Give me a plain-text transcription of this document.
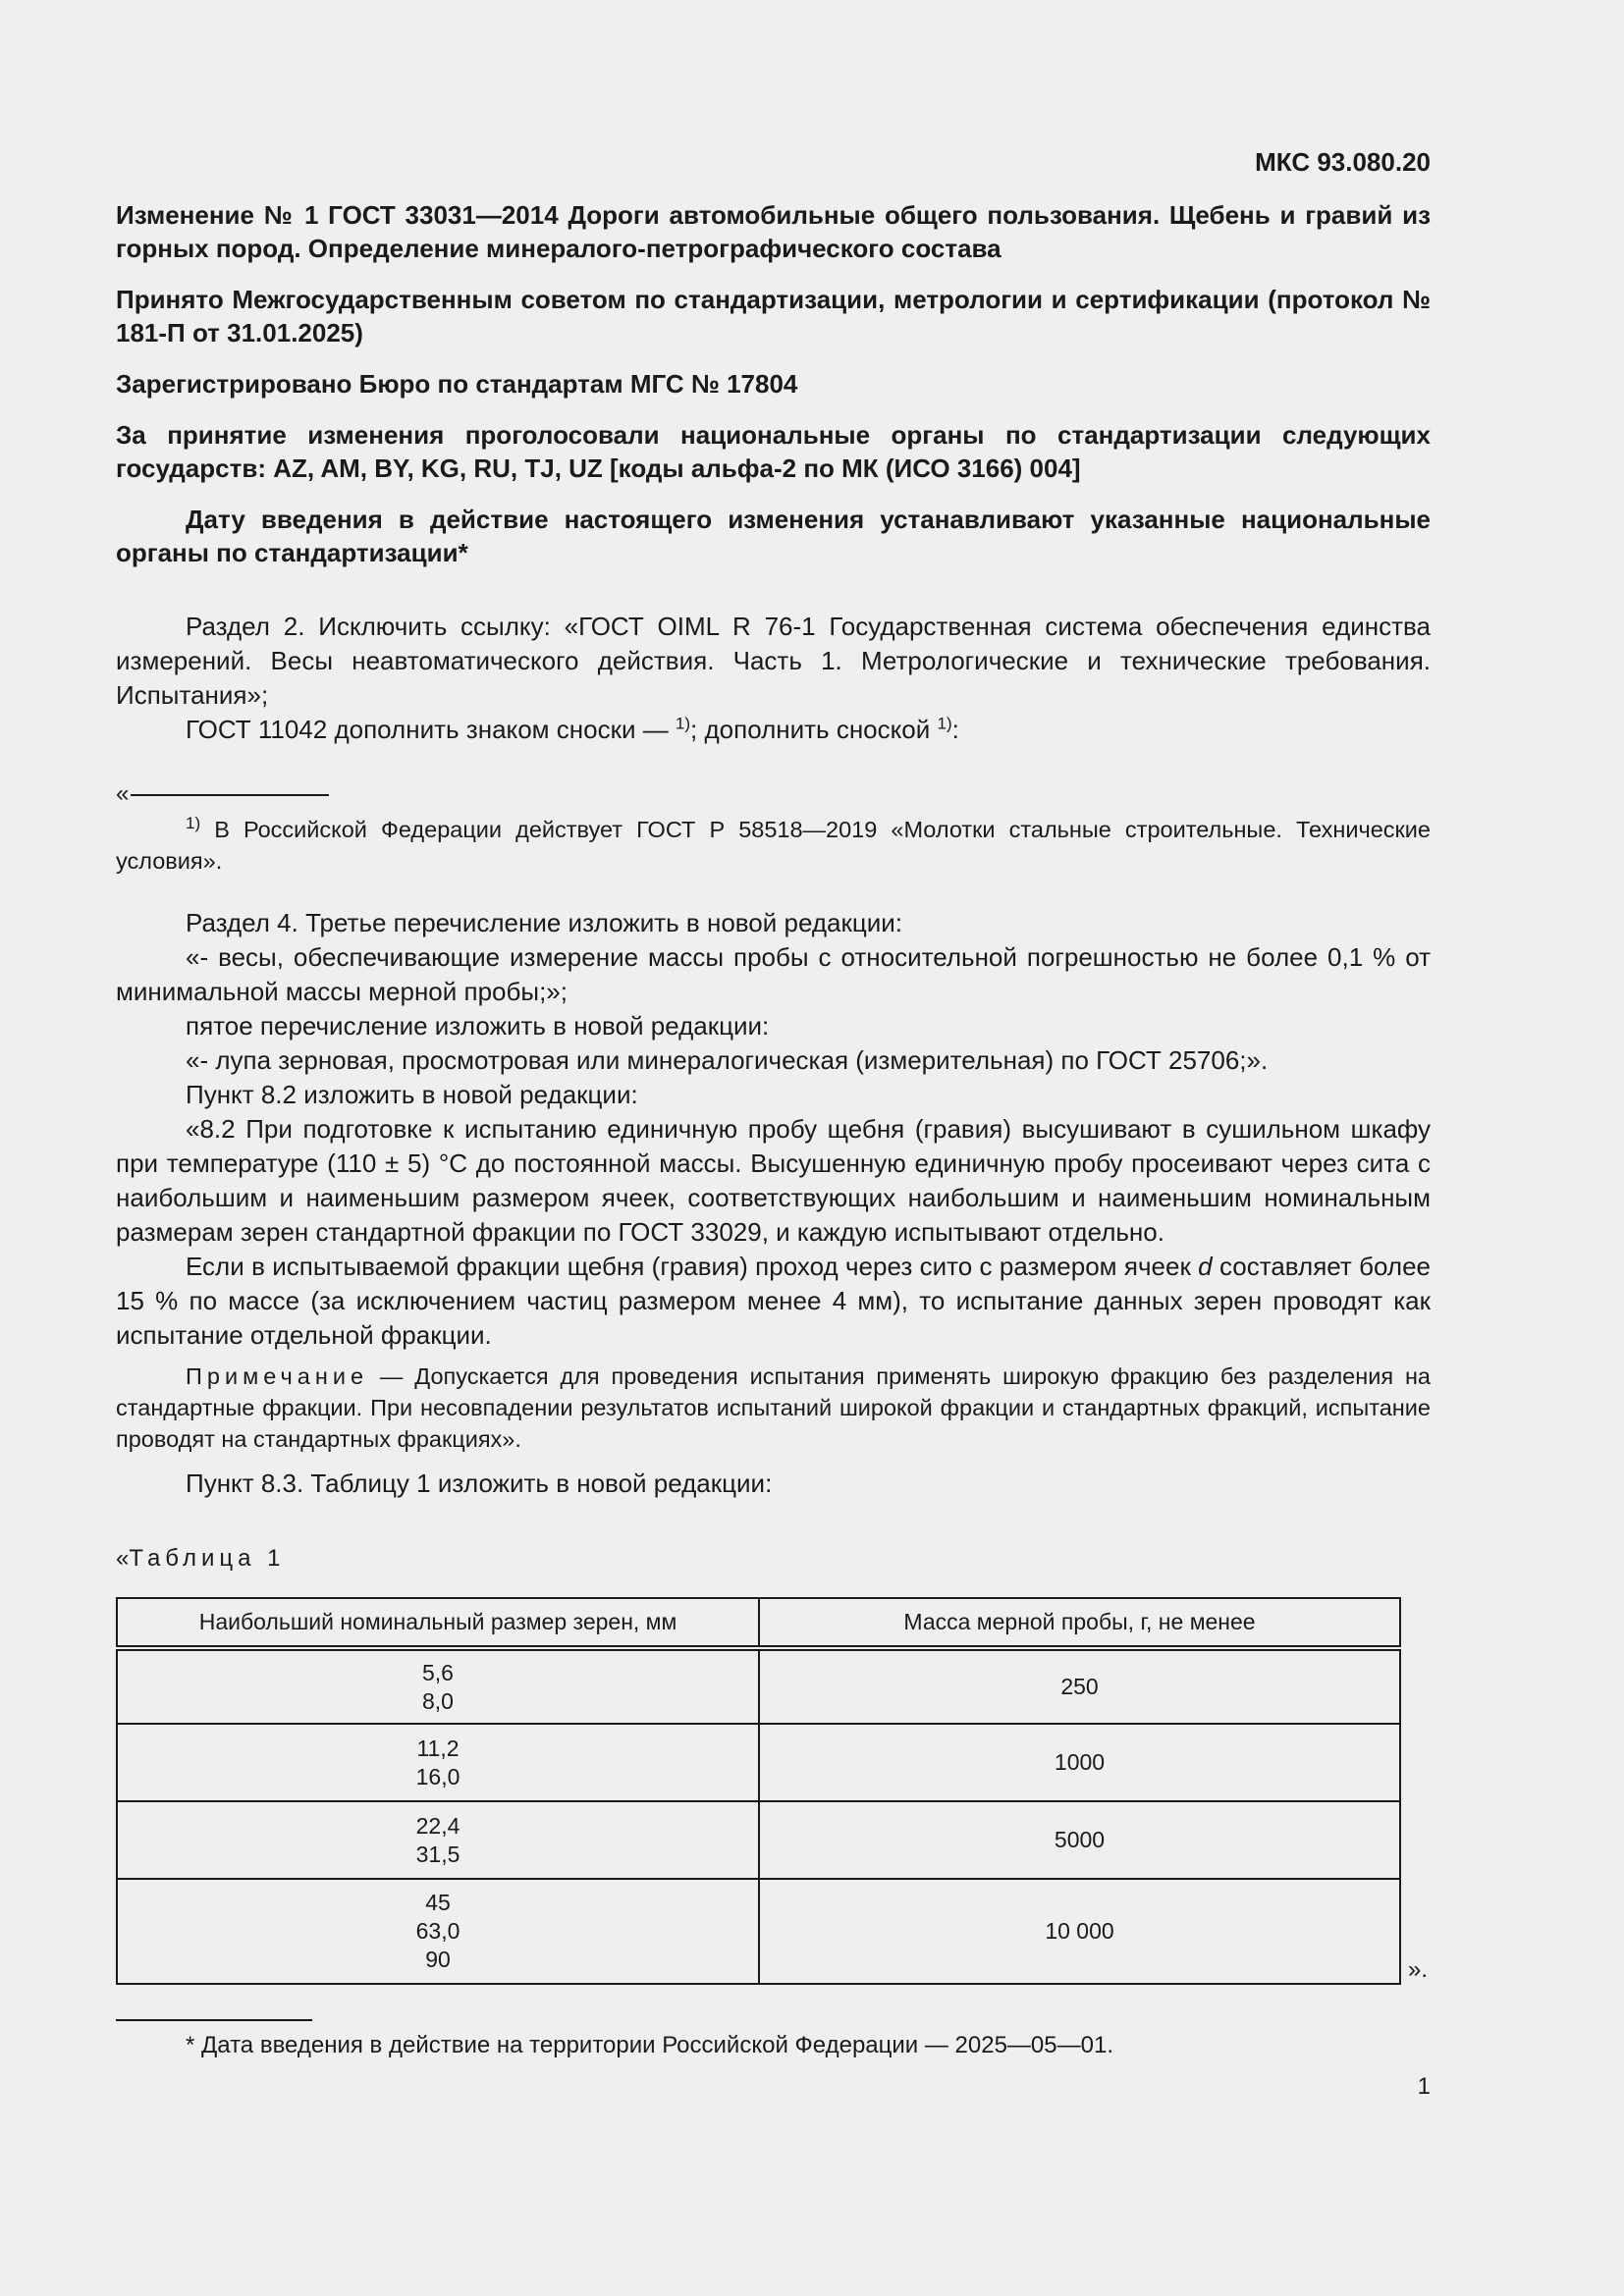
МКС 93.080.20

Изменение № 1 ГОСТ 33031—2014 Дороги автомобильные общего пользования. Щебень и гравий из горных пород. Определение минералого-петрографического состава

Принято Межгосударственным советом по стандартизации, метрологии и сертификации (протокол № 181-П от 31.01.2025)

Зарегистрировано Бюро по стандартам МГС № 17804

За принятие изменения проголосовали национальные органы по стандартизации следующих государств: AZ, AM, BY, KG, RU, TJ, UZ [коды альфа-2 по МК (ИСО 3166) 004]

Дату введения в действие настоящего изменения устанавливают указанные национальные органы по стандартизации*

Раздел 2. Исключить ссылку: «ГОСТ OIML R 76-1 Государственная система обеспечения единства измерений. Весы неавтоматического действия. Часть 1. Метрологические и технические требования. Испытания»;

ГОСТ 11042 дополнить знаком сноски — $^{1)}$; дополнить сноской $^{1)}$:

«

$^{1)}$ В Российской Федерации действует ГОСТ Р 58518—2019 «Молотки стальные строительные. Технические условия».

Раздел 4. Третье перечисление изложить в новой редакции:

«- весы, обеспечивающие измерение массы пробы с относительной погрешностью не более 0,1 % от минимальной массы мерной пробы;»;

пятое перечисление изложить в новой редакции:

«- лупа зерновая, просмотровая или минералогическая (измерительная) по ГОСТ 25706;».

Пункт 8.2 изложить в новой редакции:

«8.2 При подготовке к испытанию единичную пробу щебня (гравия) высушивают в сушильном шкафу при температуре (110 ± 5) °С до постоянной массы. Высушенную единичную пробу просеивают через сита с наибольшим и наименьшим размером ячеек, соответствующих наибольшим и наименьшим номинальным размерам зерен стандартной фракции по ГОСТ 33029, и каждую испытывают отдельно.

Если в испытываемой фракции щебня (гравия) проход через сито с размером ячеек d составляет более 15 % по массе (за исключением частиц размером менее 4 мм), то испытание данных зерен проводят как испытание отдельной фракции.

Примечание — Допускается для проведения испытания применять широкую фракцию без разделения на стандартные фракции. При несовпадении результатов испытаний широкой фракции и стандартных фракций, испытание проводят на стандартных фракциях».

Пункт 8.3. Таблицу 1 изложить в новой редакции:

«Таблица 1
Наибольший номинальный размер зерен, мм	Масса мерной пробы, г, не менее

5,6
8,0	250

11,2
16,0	1000

22,4
31,5	5000

45
63,0
90	10 000
».
* Дата введения в действие на территории Российской Федерации — 2025—05—01.
1
